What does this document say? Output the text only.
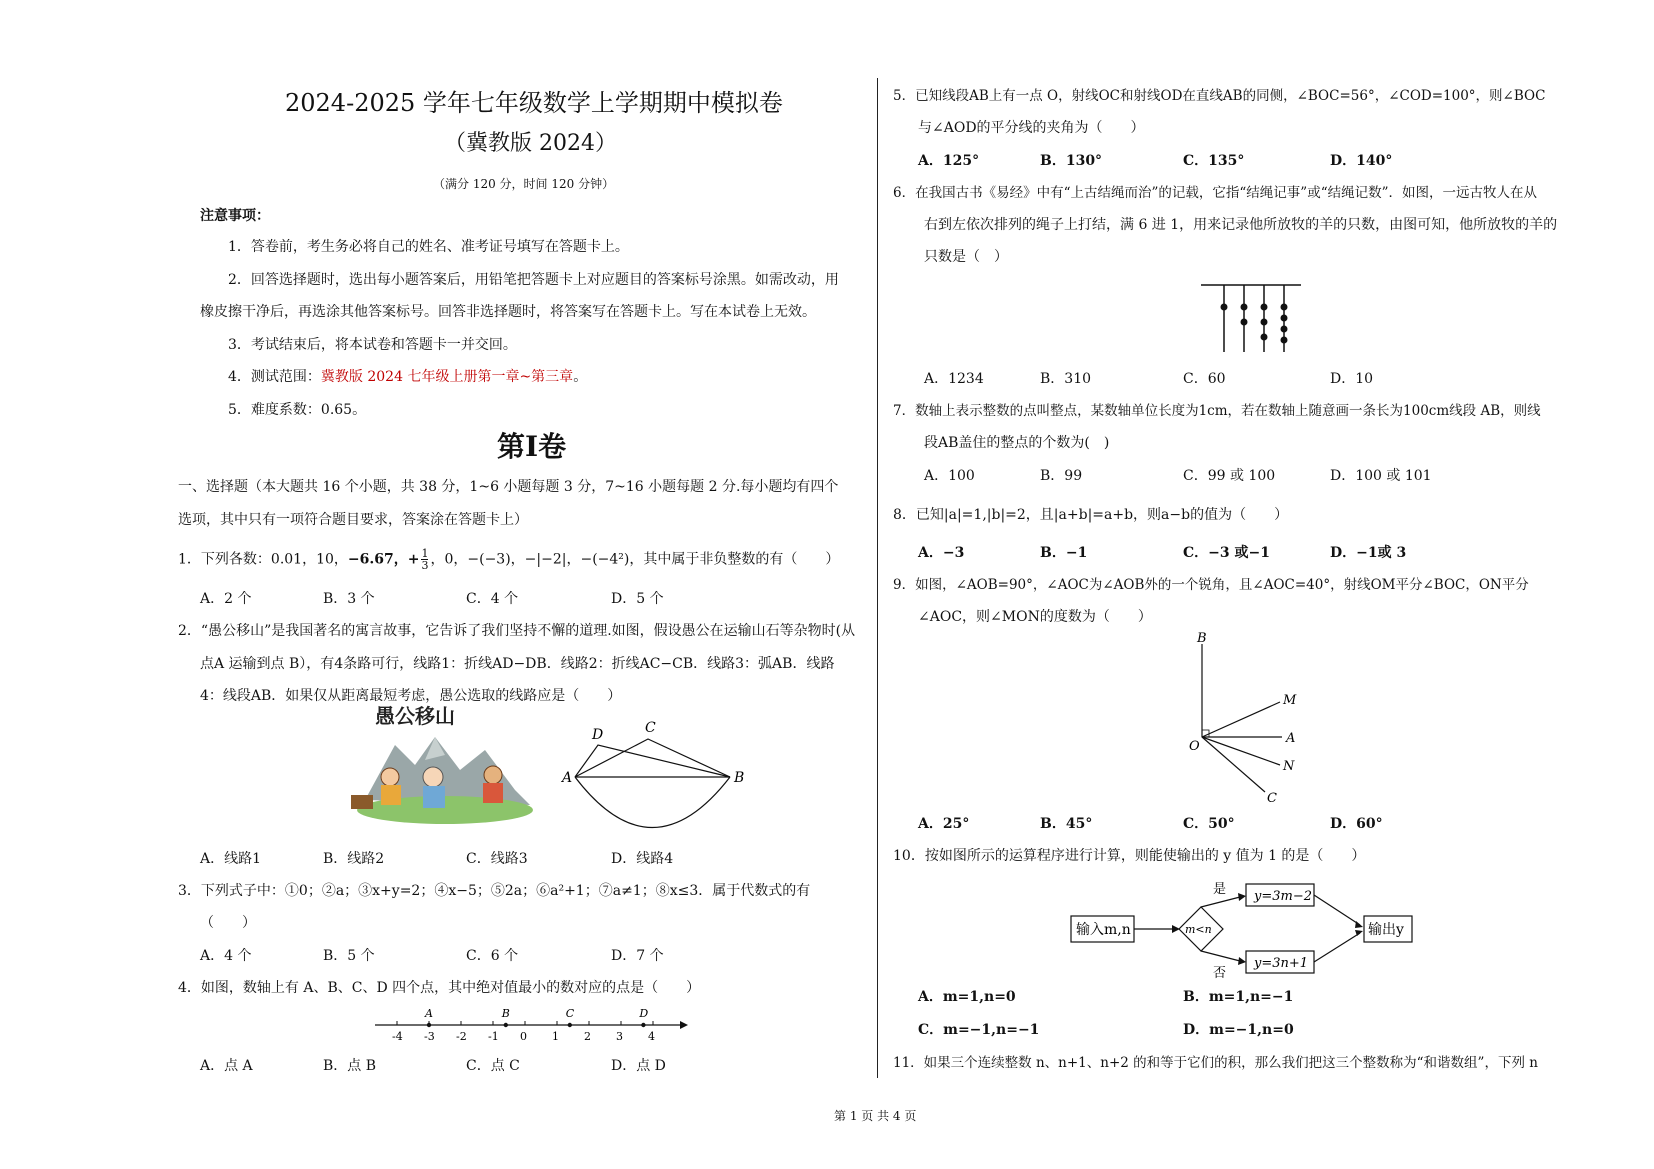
2024-2025 学年七年级数学上学期期中模拟卷
（冀教版 2024）
（满分 120 分，时间 120 分钟）
注意事项：
1．答卷前，考生务必将自己的姓名、准考证号填写在答题卡上。
2．回答选择题时，选出每小题答案后，用铅笔把答题卡上对应题目的答案标号涂黑。如需改动，用
橡皮擦干净后，再选涂其他答案标号。回答非选择题时，将答案写在答题卡上。写在本试卷上无效。
3．考试结束后，将本试卷和答题卡一并交回。
4．测试范围：冀教版 2024 七年级上册第一章~第三章。
5．难度系数：0.65。
第Ⅰ卷
一、选择题（本大题共 16 个小题，共 38 分，1~6 小题每题 3 分，7~16 小题每题 2 分.每小题均有四个
选项，其中只有一项符合题目要求，答案涂在答题卡上）
1．下列各数：0.01，10，−6.67，+ $\frac{1}{3}$ ，0，−(−3)，−|−2|，−(−4²)，其中属于非负整数的有（　　）
A．2 个	B．3 个	C．4 个	D．5 个
2．“愚公移山”是我国著名的寓言故事，它告诉了我们坚持不懈的道理.如图，假设愚公在运输山石等杂物时(从
点A 运输到点 B），有4条路可行，线路1：折线AD−DB．线路2：折线AC−CB．线路3：弧AB．线路
4：线段AB．如果仅从距离最短考虑，愚公选取的线路应是（　　）
愚公移山
D	C
A	B
A．线路1	B．线路2	C．线路3	D．线路4
3．下列式子中：①0；②a；③x+y=2；④x−5；⑤2a；⑥a²+1；⑦a≠1；⑧x≤3．属于代数式的有
（　　）
A．4 个	B．5 个	C．6 个	D．7 个
4．如图，数轴上有 A、B、C、D 四个点，其中绝对值最小的数对应的点是（　　）
-4 -3 -2 -1 0 1 2 3 4
A	B	C	D
A．点 A	B．点 B	C．点 C	D．点 D
5．已知线段AB上有一点 O，射线OC和射线OD在直线AB的同侧，∠BOC=56°，∠COD=100°，则∠BOC
与∠AOD的平分线的夹角为（　　）
A．125°	B．130°	C．135°	D．140°
6．在我国古书《易经》中有“上古结绳而治”的记载，它指“结绳记事”或“结绳记数”．如图，一远古牧人在从
右到左依次排列的绳子上打结，满 6 进 1，用来记录他所放牧的羊的只数，由图可知，他所放牧的羊的
只数是（　）
A．1234	B．310	C．60	D．10
7．数轴上表示整数的点叫整点，某数轴单位长度为1cm，若在数轴上随意画一条长为100cm线段 AB，则线
段AB盖住的整点的个数为(　)
A．100	B．99	C．99 或 100	D．100 或 101
8．已知|a|=1,|b|=2，且|a+b|=a+b，则a−b的值为（　　）
A．−3	B．−1	C．−3 或−1	D．−1或 3
9．如图，∠AOB=90°，∠AOC为∠AOB外的一个锐角，且∠AOC=40°，射线OM平分∠BOC，ON平分
∠AOC，则∠MON的度数为（　　）
B
M
A
O
N
C
A．25°	B．45°	C．50°	D．60°
10．按如图所示的运算程序进行计算，则能使输出的 y 值为 1 的是（　　）
输入m,n	m<n
是
否
y=3m−2
y=3n+1
输出y
A．m=1,n=0	B．m=1,n=−1
C．m=−1,n=−1	D．m=−1,n=0
11．如果三个连续整数 n、n+1、n+2 的和等于它们的积，那么我们把这三个整数称为“和谐数组”，下列 n
第 1 页 共 4 页
